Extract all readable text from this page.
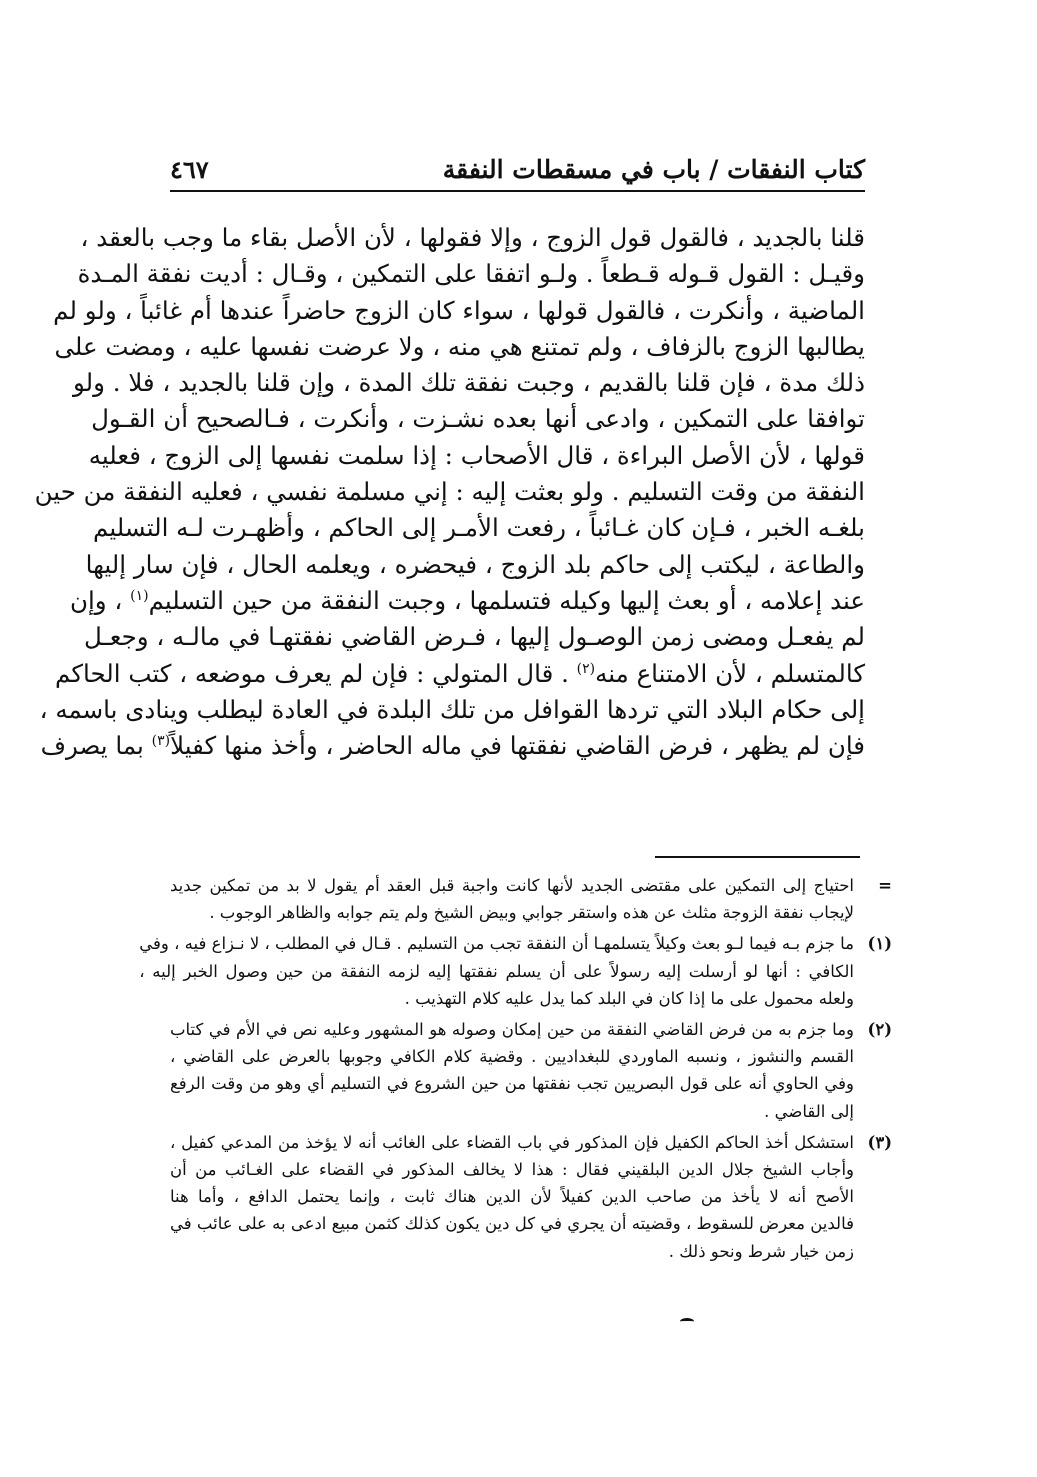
كتاب النفقات / باب في مسقطات النفقة
٤٦٧
قلنا بالجديد ، فالقول قول الزوج ، وإلا فقولها ، لأن الأصل بقاء ما وجب بالعقد ،
وقيـل : القول قـوله قـطعاً . ولـو اتفقا على التمكين ، وقـال : أديت نفقة المـدة
الماضية ، وأنكرت ، فالقول قولها ، سواء كان الزوج حاضراً عندها أم غائباً ، ولو لم
يطالبها الزوج بالزفاف ، ولم تمتنع هي منه ، ولا عرضت نفسها عليه ، ومضت على
ذلك مدة ، فإن قلنا بالقديم ، وجبت نفقة تلك المدة ، وإن قلنا بالجديد ، فلا . ولو
توافقا على التمكين ، وادعى أنها بعده نشـزت ، وأنكرت ، فـالصحيح أن القـول
قولها ، لأن الأصل البراءة ، قال الأصحاب : إذا سلمت نفسها إلى الزوج ، فعليه
النفقة من وقت التسليم . ولو بعثت إليه : إني مسلمة نفسي ، فعليه النفقة من حين
بلغـه الخبر ، فـإن كان غـائباً ، رفعت الأمـر إلى الحاكم ، وأظهـرت لـه التسليم
والطاعة ، ليكتب إلى حاكم بلد الزوج ، فيحضره ، ويعلمه الحال ، فإن سار إليها
عند إعلامه ، أو بعث إليها وكيله فتسلمها ، وجبت النفقة من حين التسليم$^{(١)}$ ، وإن
لم يفعـل ومضى زمن الوصـول إليها ، فـرض القاضي نفقتهـا في مالـه ، وجعـل
كالمتسلم ، لأن الامتناع منه$^{(٢)}$ . قال المتولي : فإن لم يعرف موضعه ، كتب الحاكم
إلى حكام البلاد التي تردها القوافل من تلك البلدة في العادة ليطلب وينادى باسمه ،
فإن لم يظهر ، فرض القاضي نفقتها في ماله الحاضر ، وأخذ منها كفيلاً$^{(٣)}$ بما يصرف
=
احتياج إلى التمكين على مقتضى الجديد لأنها كانت واجبة قبل العقد أم يقول لا بد من تمكين جديد
لإيجاب نفقة الزوجة مثلث عن هذه واستقر جوابي وبيض الشيخ ولم يتم جوابه والظاهر الوجوب .
(١)
ما جزم بـه فيما لـو بعث وكيلاً يتسلمهـا أن النفقة تجب من التسليم . قـال في المطلب ، لا نـزاع فيه ، وفي
الكافي : أنها لو أرسلت إليه رسولاً على أن يسلم نفقتها إليه لزمه النفقة من حين وصول الخبر إليه ،
ولعله محمول على ما إذا كان في البلد كما يدل عليه كلام التهذيب .
(٢)
وما جزم به من فرض القاضي النفقة من حين إمكان وصوله هو المشهور وعليه نص في الأم في كتاب
القسم والنشوز ، ونسبه الماوردي للبغداديين . وقضية كلام الكافي وجوبها بالعرض على القاضي ،
وفي الحاوي أنه على قول البصريين تجب نفقتها من حين الشروع في التسليم أي وهو من وقت الرفع
إلى القاضي .
(٣)
استشكل أخذ الحاكم الكفيل فإن المذكور في باب القضاء على الغائب أنه لا يؤخذ من المدعي كفيل ،
وأجاب الشيخ جلال الدين البلقيني فقال : هذا لا يخالف المذكور في القضاء على الغـائب من أن
الأصح أنه لا يأخذ من صاحب الدين كفيلاً لأن الدين هناك ثابت ، وإنما يحتمل الدافع ، وأما هنا
فالدين معرض للسقوط ، وقضيته أن يجري في كل دين يكون كذلك كثمن مبيع ادعى به على عائب في
زمن خيار شرط ونحو ذلك .
